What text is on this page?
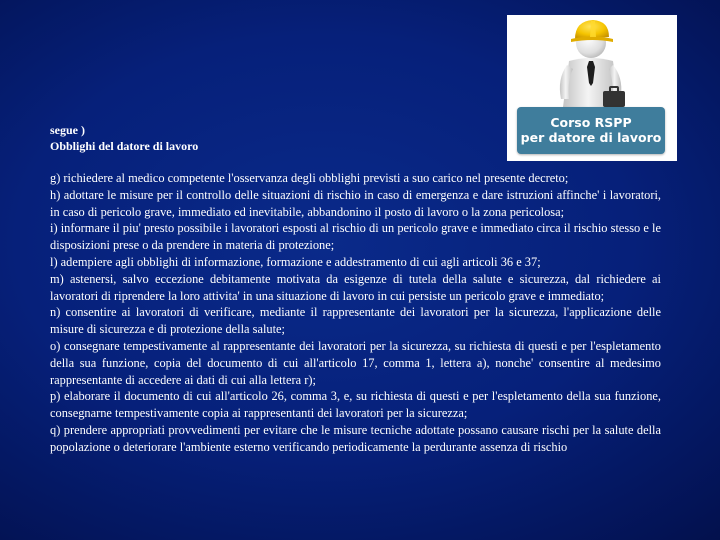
segue )
Obblighi del datore di lavoro
Corso RSPP
per datore di lavoro

g) richiedere al medico competente l'osservanza degli obblighi previsti a suo carico nel presente decreto;

h) adottare le misure per il controllo delle situazioni di rischio in caso di emergenza e dare istruzioni affinche' i lavoratori, in caso di pericolo grave, immediato ed inevitabile, abbandonino il posto di lavoro o la zona pericolosa;

i) informare il piu' presto possibile i lavoratori esposti al rischio di un pericolo grave e immediato circa il rischio stesso e le disposizioni prese o da prendere in materia di protezione;

l) adempiere agli obblighi di informazione, formazione e addestramento di cui agli articoli 36 e 37;

m) astenersi, salvo eccezione debitamente motivata da esigenze di tutela della salute e sicurezza, dal richiedere ai lavoratori di riprendere la loro attivita' in una situazione di lavoro in cui persiste un pericolo grave e immediato;

n) consentire ai lavoratori di verificare, mediante il rappresentante dei lavoratori per la sicurezza, l'applicazione delle misure di sicurezza e di protezione della salute;

o) consegnare tempestivamente al rappresentante dei lavoratori per la sicurezza, su richiesta di questi e per l'espletamento della sua funzione, copia del documento di cui all'articolo 17, comma 1, lettera a), nonche' consentire al medesimo rappresentante di accedere ai dati di cui alla lettera r);

p) elaborare il documento di cui all'articolo 26, comma 3, e, su richiesta di questi e per l'espletamento della sua funzione, consegnarne tempestivamente copia ai rappresentanti dei lavoratori per la sicurezza;

q) prendere appropriati provvedimenti per evitare che le misure tecniche adottate possano causare rischi per la salute della popolazione o deteriorare l'ambiente esterno verificando periodicamente la perdurante assenza di rischio
